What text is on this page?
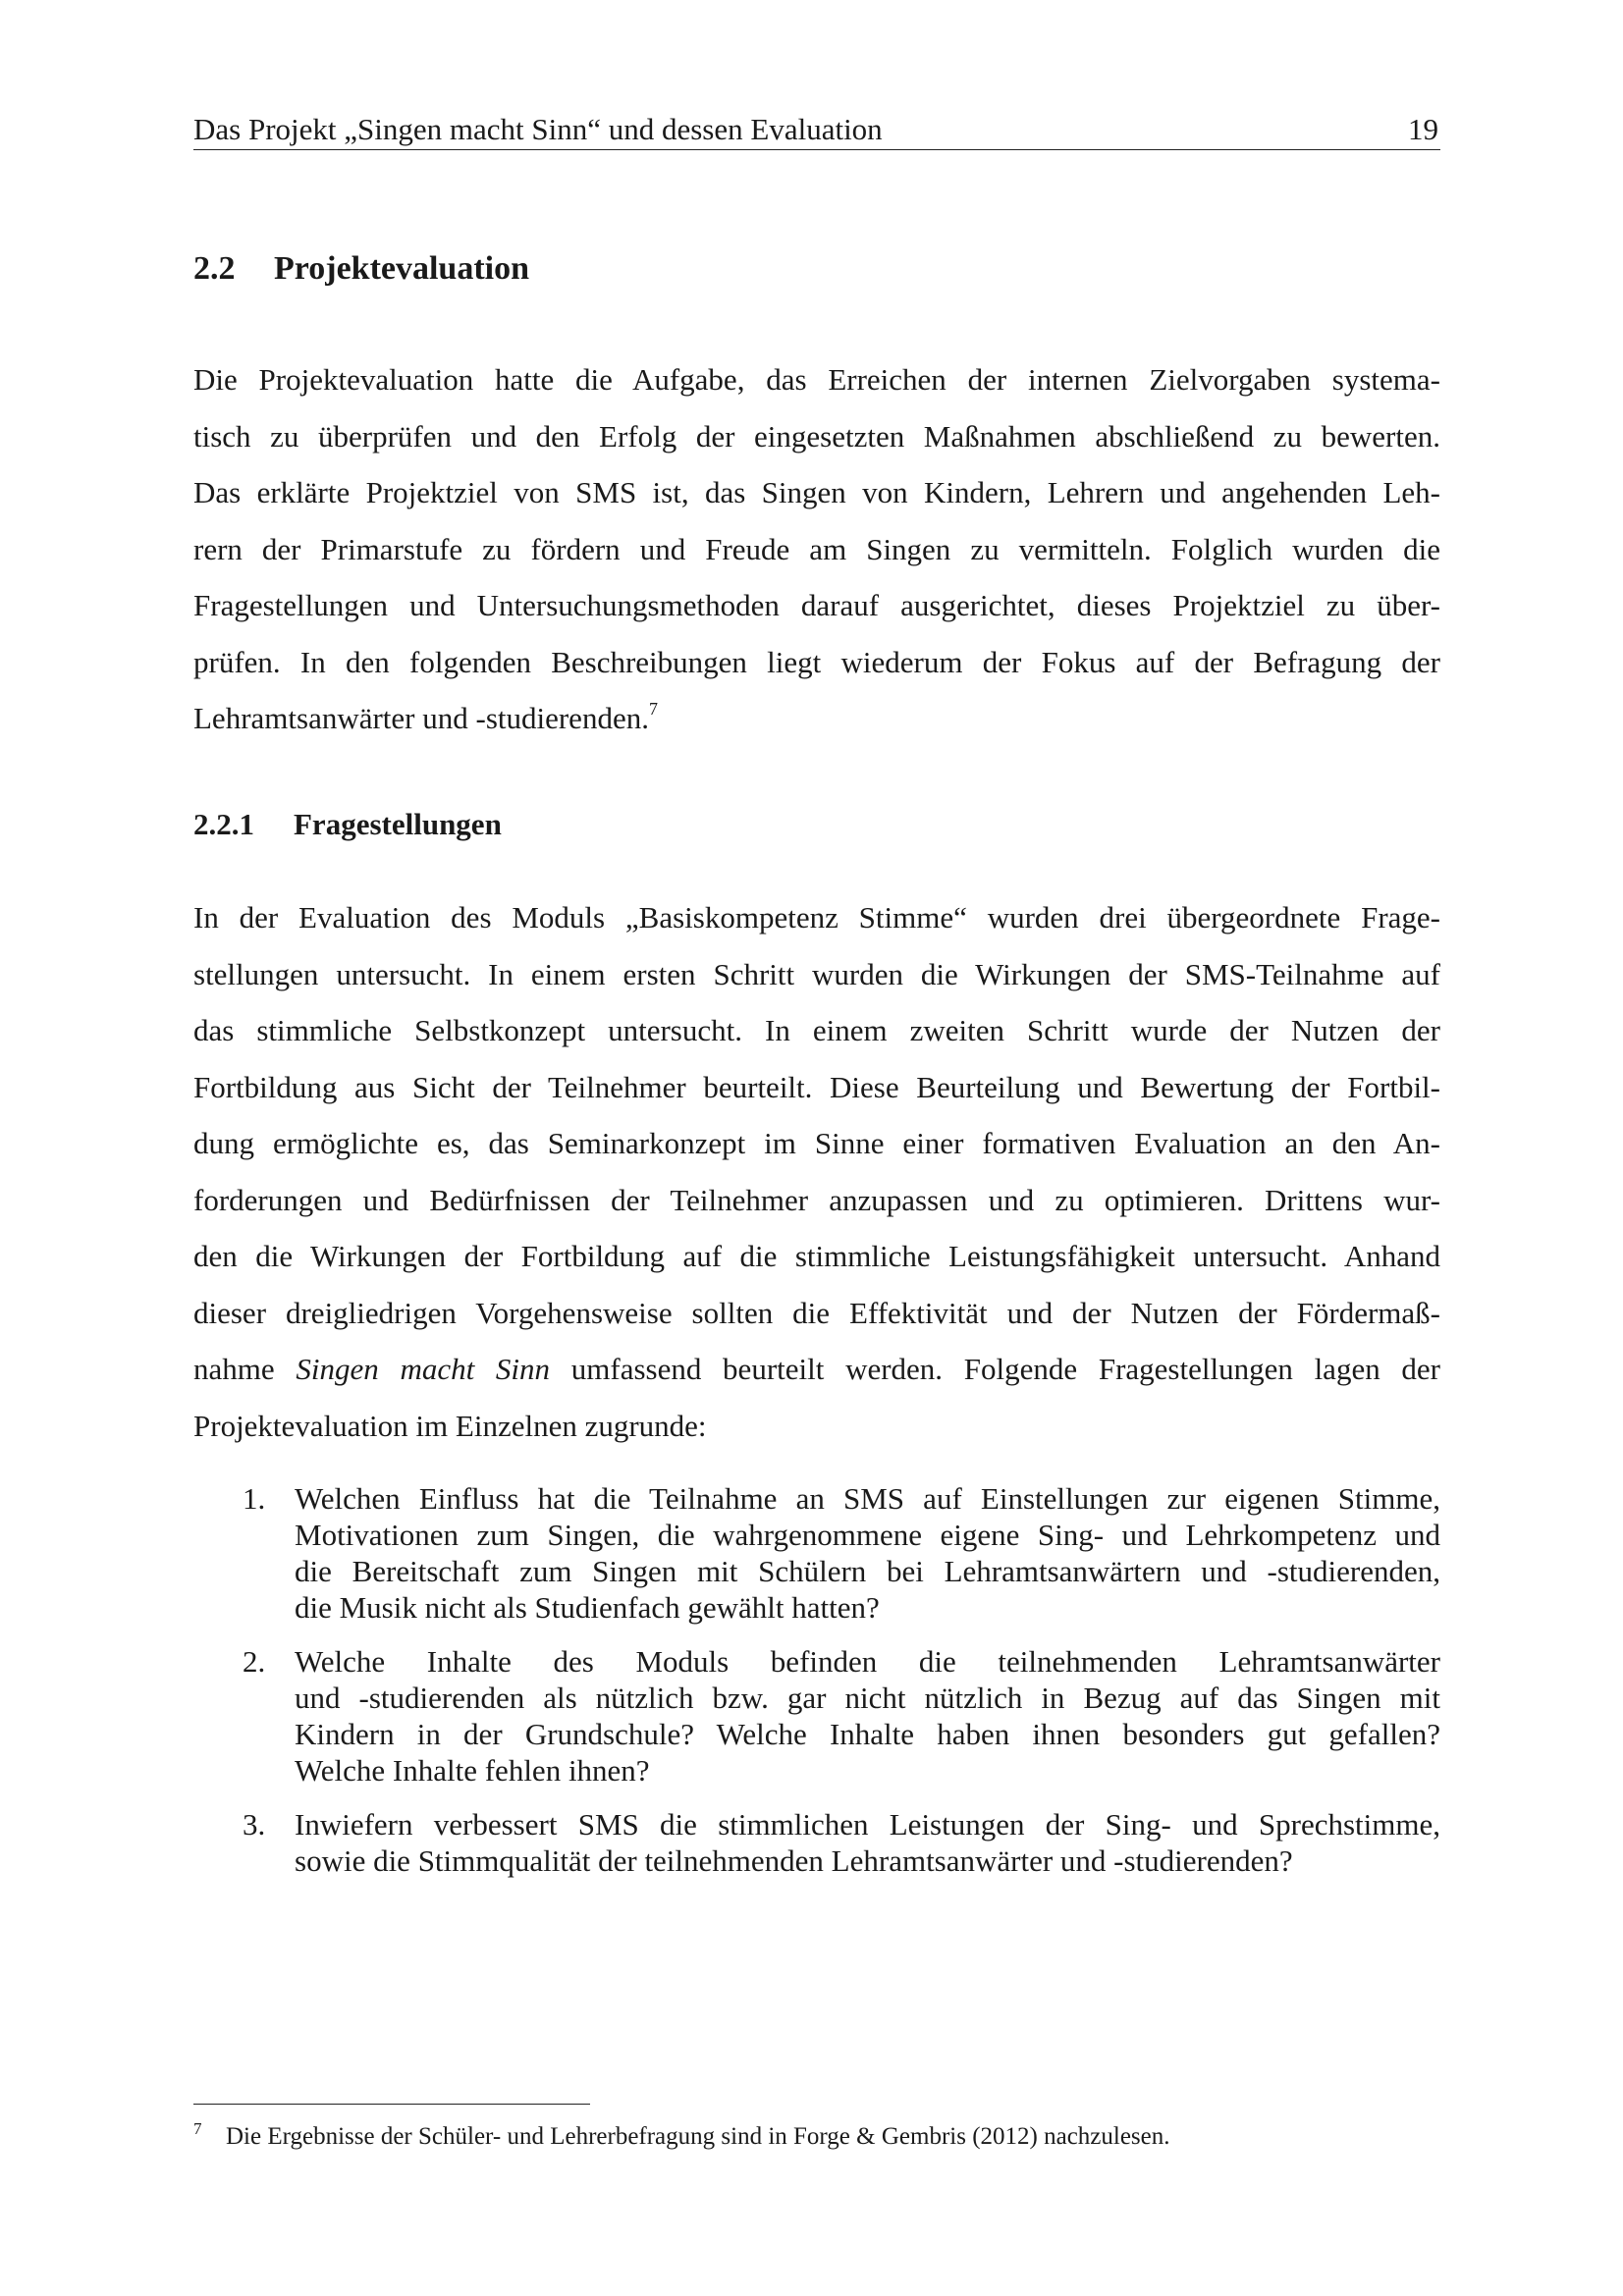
Das Projekt „Singen macht Sinn“ und dessen Evaluation	19
2.2 Projektevaluation

Die Projektevaluation hatte die Aufgabe, das Erreichen der internen Zielvorgaben systema-
tisch zu überprüfen und den Erfolg der eingesetzten Maßnahmen abschließend zu bewerten.
Das erklärte Projektziel von SMS ist, das Singen von Kindern, Lehrern und angehenden Leh-
rern der Primarstufe zu fördern und Freude am Singen zu vermitteln. Folglich wurden die
Fragestellungen und Untersuchungsmethoden darauf ausgerichtet, dieses Projektziel zu über-
prüfen. In den folgenden Beschreibungen liegt wiederum der Fokus auf der Befragung der
Lehramtsanwärter und -studierenden.$^7$

2.2.1 Fragestellungen

In der Evaluation des Moduls „Basiskompetenz Stimme“ wurden drei übergeordnete Frage-
stellungen untersucht. In einem ersten Schritt wurden die Wirkungen der SMS-Teilnahme auf
das stimmliche Selbstkonzept untersucht. In einem zweiten Schritt wurde der Nutzen der
Fortbildung aus Sicht der Teilnehmer beurteilt. Diese Beurteilung und Bewertung der Fortbil-
dung ermöglichte es, das Seminarkonzept im Sinne einer formativen Evaluation an den An-
forderungen und Bedürfnissen der Teilnehmer anzupassen und zu optimieren. Drittens wur-
den die Wirkungen der Fortbildung auf die stimmliche Leistungsfähigkeit untersucht. Anhand
dieser dreigliedrigen Vorgehensweise sollten die Effektivität und der Nutzen der Fördermaß-
nahme Singen macht Sinn umfassend beurteilt werden. Folgende Fragestellungen lagen der
Projektevaluation im Einzelnen zugrunde:

1. Welchen Einfluss hat die Teilnahme an SMS auf Einstellungen zur eigenen Stimme,
Motivationen zum Singen, die wahrgenommene eigene Sing- und Lehrkompetenz und
die Bereitschaft zum Singen mit Schülern bei Lehramtsanwärtern und -studierenden,
die Musik nicht als Studienfach gewählt hatten?
2. Welche Inhalte des Moduls befinden die teilnehmenden Lehramtsanwärter
und -studierenden als nützlich bzw. gar nicht nützlich in Bezug auf das Singen mit
Kindern in der Grundschule? Welche Inhalte haben ihnen besonders gut gefallen?
Welche Inhalte fehlen ihnen?
3. Inwiefern verbessert SMS die stimmlichen Leistungen der Sing- und Sprechstimme,
sowie die Stimmqualität der teilnehmenden Lehramtsanwärter und -studierenden?
7 Die Ergebnisse der Schüler- und Lehrerbefragung sind in Forge & Gembris (2012) nachzulesen.
